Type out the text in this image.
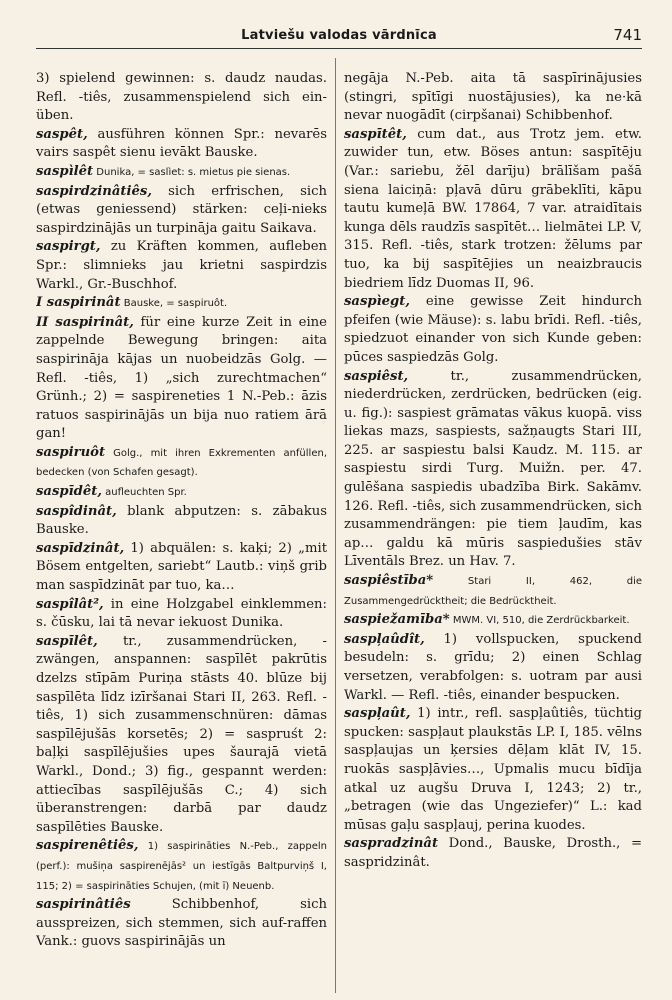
Latviešu valodas vārdnīca	741

3) spielend gewinnen: s. daudz naudas. Refl. -tiês, zusammenspielend sich ein-üben.

saspêt, ausführen können Spr.: nevarēs vairs saspêt sienu ievākt Bauske.

saspìlêt Dunika, = saslìet: s. mietus pie sienas.

saspirdzinâtiês, sich erfrischen, sich (etwas geniessend) stärken: ceļi-nieks saspirdzinājās un turpināja gaitu Saikava.

saspirgt, zu Kräften kommen, aufleben Spr.: slimnieks jau krietni saspirdzis Warkl., Gr.-Buschhof.

I saspirinât Bauske, = saspiruôt.

II saspirinât, für eine kurze Zeit in eine zappelnde Bewegung bringen: aita saspirināja kājas un nuobeidzās Golg. — Refl. -tiês, 1) „sich zurechtmachen“ Grünh.; 2) = saspireneties 1 N.-Peb.: āzis ratuos saspirinājās un bija nuo ratiem ārā gan!

saspiruôt Golg., mit ihren Exkrementen anfüllen, bedecken (von Schafen gesagt).

saspīdêt, aufleuchten Spr.

saspîdinât, blank abputzen: s. zābakus Bauske.

saspīdzinât, 1) abquälen: s. kaķi; 2) „mit Bösem entgelten, sariebt“ Lautb.: viņš grib man saspīdzināt par tuo, ka…

saspîlât², in eine Holzgabel einklemmen: s. čūsku, lai tā nevar iekuost Dunika.

saspīlêt, tr., zusammendrücken, -zwängen, anspannen: saspīlēt pakrūtis dzelzs stīpām Puriņa stāsts 40. blūze bij saspīlēta līdz izīršanai Stari II, 263. Refl. -tiês, 1) sich zusammenschnüren: dāmas saspīlējušās korsetēs; 2) = saspruśt 2: baļķi saspīlējušies upes šaurajā vietā Warkl., Dond.; 3) fig., gespannt werden: attiecības saspīlējušās C.; 4) sich überanstrengen: darbā par daudz saspīlēties Bauske.

saspirenêtiês, 1) saspirināties N.-Peb., zappeln (perf.): mušiņa saspirenējās² un iestīgās Baltpurviņš I, 115; 2) = saspirināties Schujen, (mit ī) Neuenb.

saspirinâtiês Schibbenhof, sich ausspreizen, sich stemmen, sich auf-raffen Vank.: guovs saspirinājās un

negāja N.-Peb. aita tā saspīrinājusies (stingri, spītīgi nuostājusies), ka ne·kā nevar nuogādīt (cirpšanai) Schibbenhof.

saspītêt, cum dat., aus Trotz jem. etw. zuwider tun, etw. Böses antun: saspītēju (Var.: sariebu, žēl darīju) brālīšam pašā siena laiciņā: pļavā dūru grābeklīti, kāpu tautu kumeļā BW. 17864, 7 var. atraidītais kunga dēls raudzīs saspītēt… lielmātei LP. V, 315. Refl. -tiês, stark trotzen: žēlums par tuo, ka bij saspītējies un neaizbraucis biedriem līdz Duomas II, 96.

saspìegt, eine gewisse Zeit hindurch pfeifen (wie Mäuse): s. labu brīdi. Refl. -tiês, spiedzuot einander von sich Kunde geben: pūces saspiedzās Golg.

saspiêst, tr., zusammendrücken, niederdrücken, zerdrücken, bedrücken (eig. u. fig.): saspiest grāmatas vākus kuopā. viss liekas mazs, saspiests, sažņaugts Stari III, 225. ar saspiestu balsi Kaudz. M. 115. ar saspiestu sirdi Turg. Muižn. per. 47. gulēšana saspiedis ubadzība Birk. Sakāmv. 126. Refl. -tiês, sich zusammendrücken, sich zusammendrängen: pie tiem ļaudīm, kas ap… galdu kā mūris saspiedušies stāv Līventāls Brez. un Hav. 7.

saspiêstība* Stari II, 462, die Zusammengedrücktheit; die Bedrücktheit.

saspiežamība* MWM. VI, 510, die Zerdrückbarkeit.

saspļaûdît, 1) vollspucken, spuckend besudeln: s. grīdu; 2) einen Schlag versetzen, verabfolgen: s. uotram par ausi Warkl. — Refl. -tiês, einander bespucken.

saspļaût, 1) intr., refl. saspļaûtiês, tüchtig spucken: saspļaut plaukstās LP. I, 185. vēlns saspļaujas un ķersies dēļam klāt IV, 15. ruokās saspļāvies…, Upmalis mucu bīdīja atkal uz augšu Druva I, 1243; 2) tr., „betragen (wie das Ungeziefer)“ L.: kad mūsas gaļu saspļauj, perina kuodes.

saspradzinât Dond., Bauske, Drosth., = saspridzinât.
